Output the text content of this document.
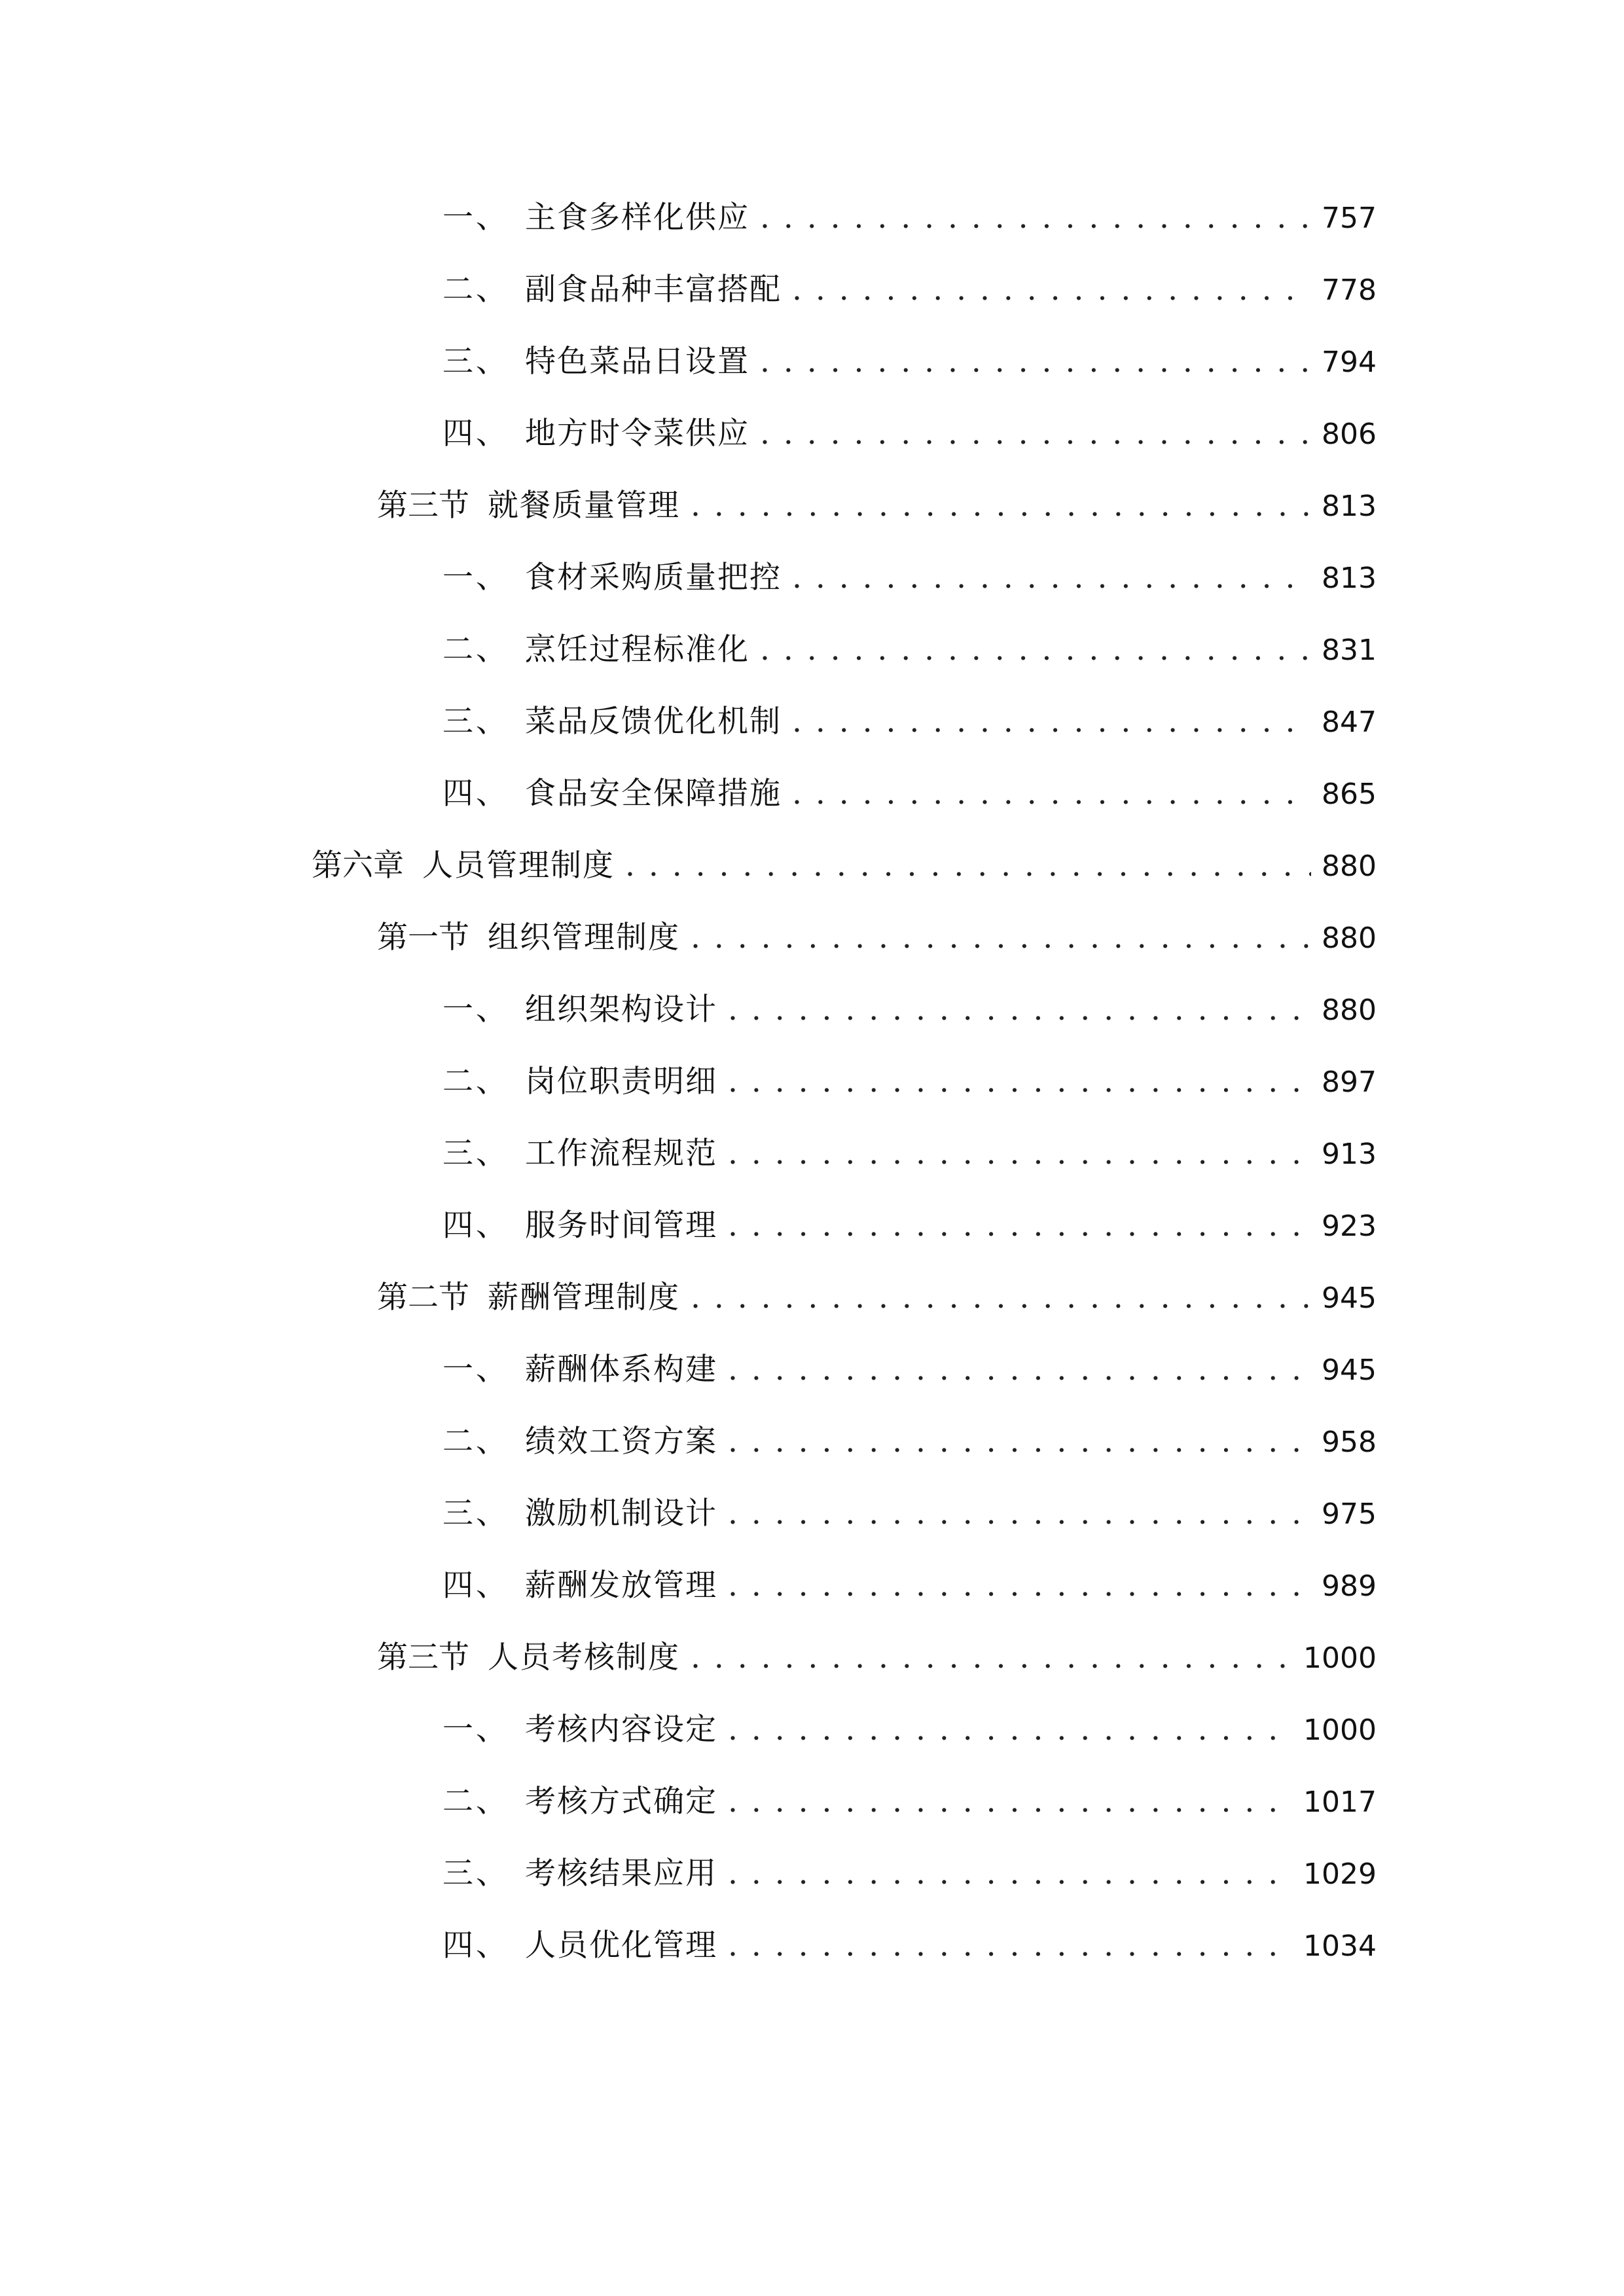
一、 主食多样化供应 . . .	757
二、 副食品种丰富搭配 . . .	778
三、 特色菜品日设置 . . .	794
四、 地方时令菜供应 . . .	806
第三节 就餐质量管理 . . .	813
一、 食材采购质量把控 . . .	813
二、 烹饪过程标准化 . . .	831
三、 菜品反馈优化机制 . . .	847
四、 食品安全保障措施 . . .	865
第六章 人员管理制度 . . .	880
第一节 组织管理制度 . . .	880
一、 组织架构设计 . . .	880
二、 岗位职责明细 . . .	897
三、 工作流程规范 . . .	913
四、 服务时间管理 . . .	923
第二节 薪酬管理制度 . . .	945
一、 薪酬体系构建 . . .	945
二、 绩效工资方案 . . .	958
三、 激励机制设计 . . .	975
四、 薪酬发放管理 . . .	989
第三节 人员考核制度 . . .	1000
一、 考核内容设定 . . .	1000
二、 考核方式确定 . . .	1017
三、 考核结果应用 . . .	1029
四、 人员优化管理 . . .	1034
